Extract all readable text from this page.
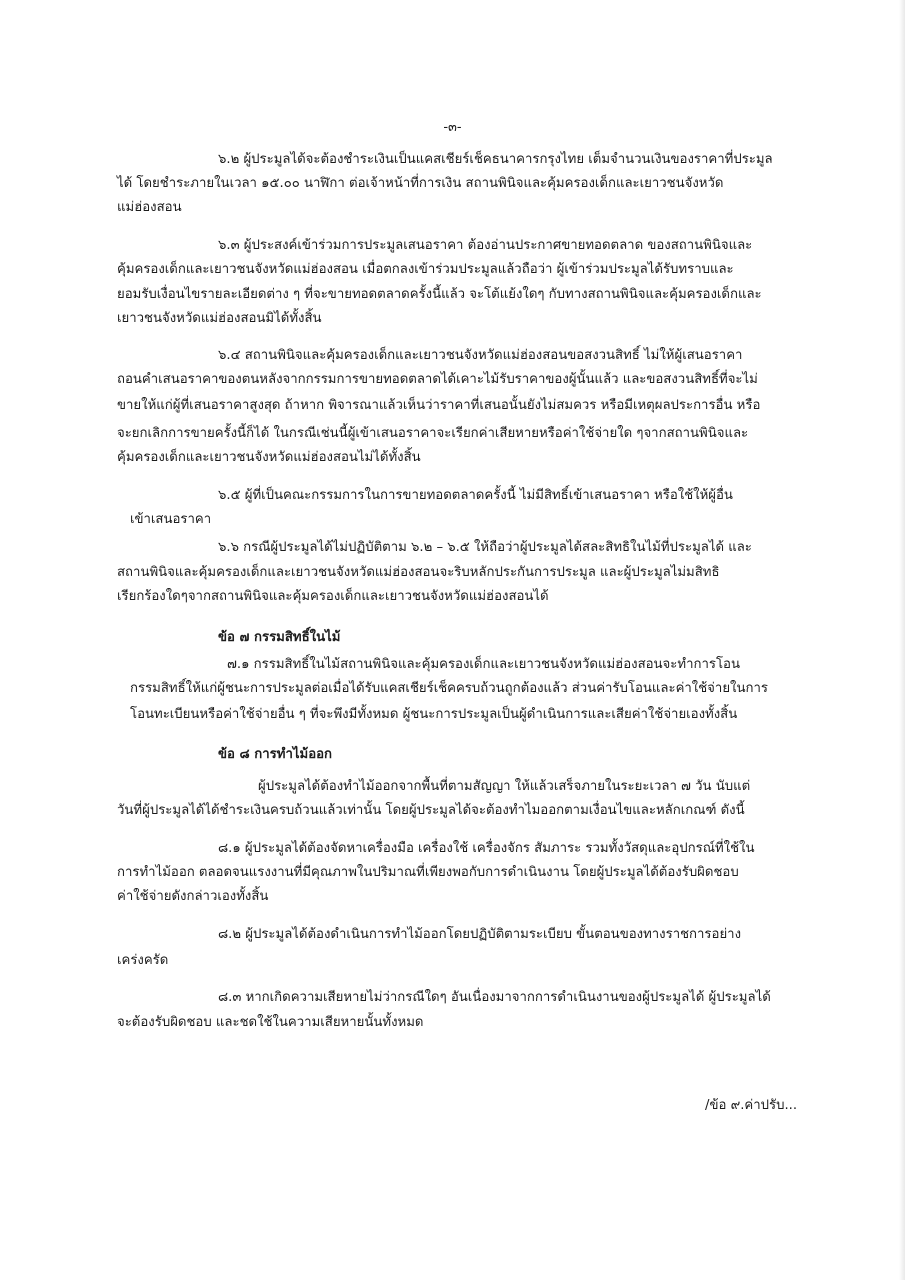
-๓-
๖.๒ ผู้ประมูลได้จะต้องชำระเงินเป็นแคสเชียร์เช็คธนาคารกรุงไทย เต็มจำนวนเงินของราคาที่ประมูล
ได้ โดยชำระภายในเวลา ๑๕.๐๐ นาฬิกา ต่อเจ้าหน้าที่การเงิน สถานพินิจและคุ้มครองเด็กและเยาวชนจังหวัด
แม่ฮ่องสอน
๖.๓ ผู้ประสงค์เข้าร่วมการประมูลเสนอราคา ต้องอ่านประกาศขายทอดตลาด ของสถานพินิจและ
คุ้มครองเด็กและเยาวชนจังหวัดแม่ฮ่องสอน เมื่อตกลงเข้าร่วมประมูลแล้วถือว่า ผู้เข้าร่วมประมูลได้รับทราบและ
ยอมรับเงื่อนไขรายละเอียดต่าง ๆ ที่จะขายทอดตลาดครั้งนี้แล้ว จะโต้แย้งใดๆ กับทางสถานพินิจและคุ้มครองเด็กและ
เยาวชนจังหวัดแม่ฮ่องสอนมิได้ทั้งสิ้น
๖.๔ สถานพินิจและคุ้มครองเด็กและเยาวชนจังหวัดแม่ฮ่องสอนขอสงวนสิทธิ์ ไม่ให้ผู้เสนอราคา
ถอนคำเสนอราคาของตนหลังจากกรรมการขายทอดตลาดได้เคาะไม้รับราคาของผู้นั้นแล้ว และขอสงวนสิทธิ์ที่จะไม่
ขายให้แก่ผู้ที่เสนอราคาสูงสุด ถ้าหาก พิจารณาแล้วเห็นว่าราคาที่เสนอนั้นยังไม่สมควร หรือมีเหตุผลประการอื่น หรือ
จะยกเลิกการขายครั้งนี้ก็ได้ ในกรณีเช่นนี้ผู้เข้าเสนอราคาจะเรียกค่าเสียหายหรือค่าใช้จ่ายใด ๆจากสถานพินิจและ
คุ้มครองเด็กและเยาวชนจังหวัดแม่ฮ่องสอนไม่ได้ทั้งสิ้น
๖.๕ ผู้ที่เป็นคณะกรรมการในการขายทอดตลาดครั้งนี้ ไม่มีสิทธิ์เข้าเสนอราคา หรือใช้ให้ผู้อื่น
เข้าเสนอราคา
๖.๖ กรณีผู้ประมูลได้ไม่ปฏิบัติตาม ๖.๒ – ๖.๕ ให้ถือว่าผู้ประมูลได้สละสิทธิในไม้ที่ประมูลได้ และ
สถานพินิจและคุ้มครองเด็กและเยาวชนจังหวัดแม่ฮ่องสอนจะริบหลักประกันการประมูล และผู้ประมูลไม่มสิทธิ
เรียกร้องใดๆจากสถานพินิจและคุ้มครองเด็กและเยาวชนจังหวัดแม่ฮ่องสอนได้
ข้อ ๗ กรรมสิทธิ์ในไม้
๗.๑ กรรมสิทธิ์ในไม้สถานพินิจและคุ้มครองเด็กและเยาวชนจังหวัดแม่ฮ่องสอนจะทำการโอน
กรรมสิทธิ์ให้แก่ผู้ชนะการประมูลต่อเมื่อได้รับแคสเชียร์เช็คครบถ้วนถูกต้องแล้ว ส่วนค่ารับโอนและค่าใช้จ่ายในการ
โอนทะเบียนหรือค่าใช้จ่ายอื่น ๆ ที่จะพึงมีทั้งหมด ผู้ชนะการประมูลเป็นผู้ดำเนินการและเสียค่าใช้จ่ายเองทั้งสิ้น
ข้อ ๘ การทำไม้ออก
ผู้ประมูลได้ต้องทำไม้ออกจากพื้นที่ตามสัญญา ให้แล้วเสร็จภายในระยะเวลา ๗ วัน นับแต่
วันที่ผู้ประมูลได้ได้ชำระเงินครบถ้วนแล้วเท่านั้น โดยผู้ประมูลได้จะต้องทำไมออกตามเงื่อนไขและหลักเกณฑ์ ดังนี้
๘.๑ ผู้ประมูลได้ต้องจัดหาเครื่องมือ เครื่องใช้ เครื่องจักร สัมภาระ รวมทั้งวัสดุและอุปกรณ์ที่ใช้ใน
การทำไม้ออก ตลอดจนแรงงานที่มีคุณภาพในปริมาณที่เพียงพอกับการดำเนินงาน โดยผู้ประมูลได้ต้องรับผิดชอบ
ค่าใช้จ่ายดังกล่าวเองทั้งสิ้น
๘.๒ ผู้ประมูลได้ต้องดำเนินการทำไม้ออกโดยปฏิบัติตามระเบียบ ขั้นตอนของทางราชการอย่าง
เคร่งครัด
๘.๓ หากเกิดความเสียหายไม่ว่ากรณีใดๆ อันเนื่องมาจากการดำเนินงานของผู้ประมูลได้ ผู้ประมูลได้
จะต้องรับผิดชอบ และชดใช้ในความเสียหายนั้นทั้งหมด
/ข้อ ๙.ค่าปรับ...
